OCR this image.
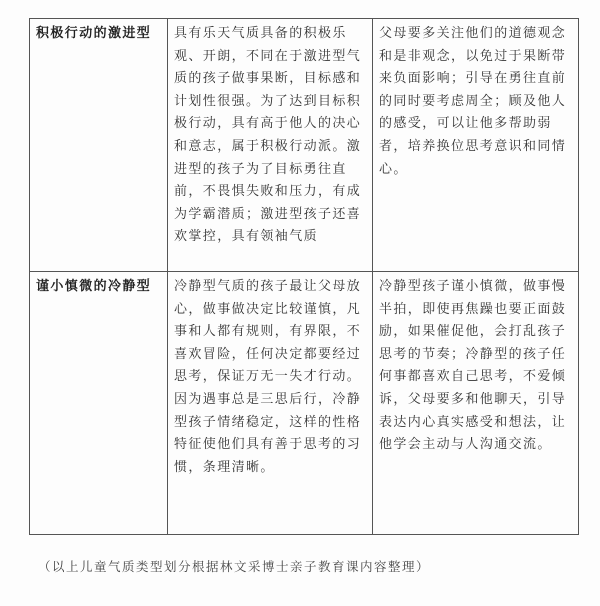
积极行动的激进型	具有乐天气质具备的积极乐观、开朗，不同在于激进型气质的孩子做事果断，目标感和计划性很强。为了达到目标积极行动，具有高于他人的决心和意志，属于积极行动派。激进型的孩子为了目标勇往直前，不畏惧失败和压力，有成为学霸潜质；激进型孩子还喜欢掌控，具有领袖气质	父母要多关注他们的道德观念和是非观念，以免过于果断带来负面影响；引导在勇往直前的同时要考虑周全；顾及他人的感受，可以让他多帮助弱者，培养换位思考意识和同情心。
谨小慎微的冷静型	冷静型气质的孩子最让父母放心，做事做决定比较谨慎，凡事和人都有规则，有界限，不喜欢冒险，任何决定都要经过思考，保证万无一失才行动。因为遇事总是三思后行，冷静型孩子情绪稳定，这样的性格特征使他们具有善于思考的习惯，条理清晰。	冷静型孩子谨小慎微，做事慢半拍，即使再焦躁也要正面鼓励，如果催促他，会打乱孩子思考的节奏；冷静型的孩子任何事都喜欢自己思考，不爱倾诉，父母要多和他聊天，引导表达内心真实感受和想法，让他学会主动与人沟通交流。
（以上儿童气质类型划分根据林文采博士亲子教育课内容整理）
